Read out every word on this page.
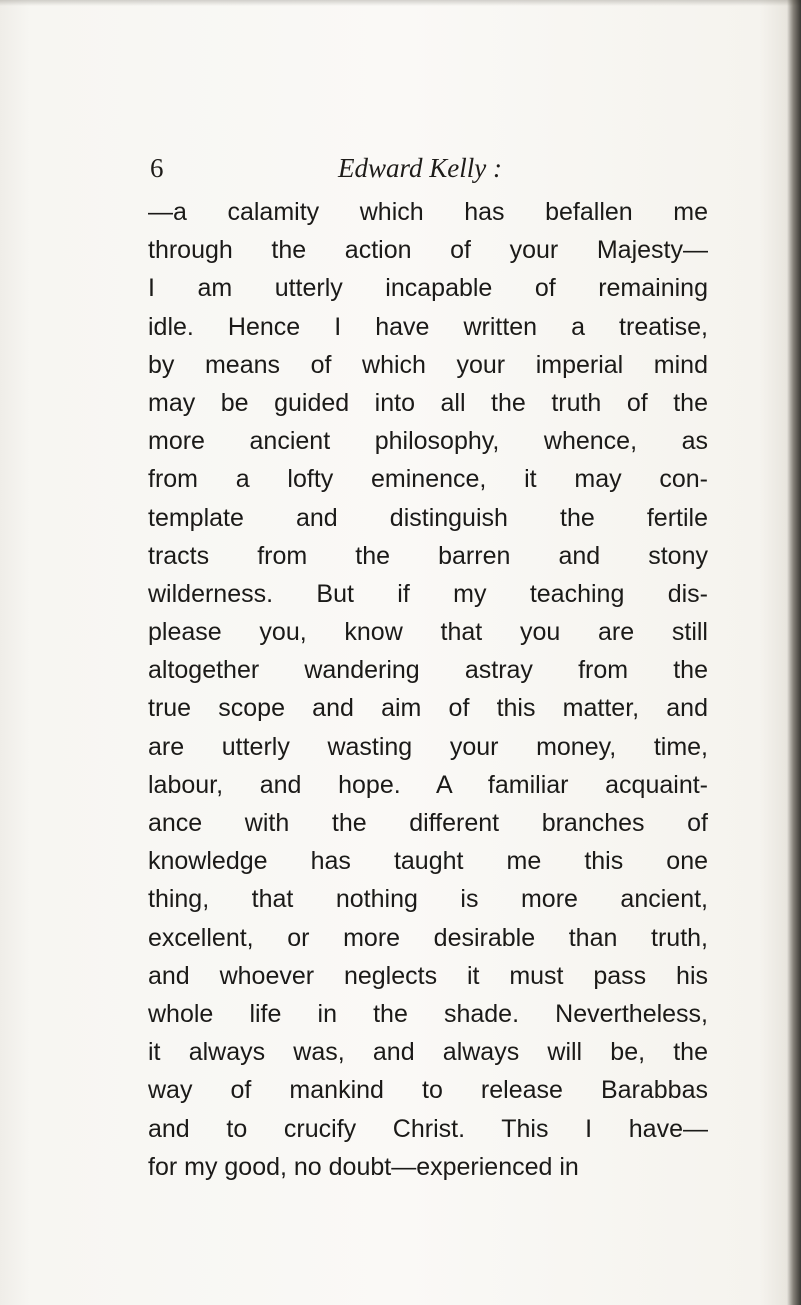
6	Edward Kelly :
—a calamity which has befallen me
through the action of your Majesty—
I am utterly incapable of remaining
idle. Hence I have written a treatise,
by means of which your imperial mind
may be guided into all the truth of the
more ancient philosophy, whence, as
from a lofty eminence, it may con-
template and distinguish the fertile
tracts from the barren and stony
wilderness. But if my teaching dis-
please you, know that you are still
altogether wandering astray from the
true scope and aim of this matter, and
are utterly wasting your money, time,
labour, and hope. A familiar acquaint-
ance with the different branches of
knowledge has taught me this one
thing, that nothing is more ancient,
excellent, or more desirable than truth,
and whoever neglects it must pass his
whole life in the shade. Nevertheless,
it always was, and always will be, the
way of mankind to release Barabbas
and to crucify Christ. This I have—
for my good, no doubt—experienced in
